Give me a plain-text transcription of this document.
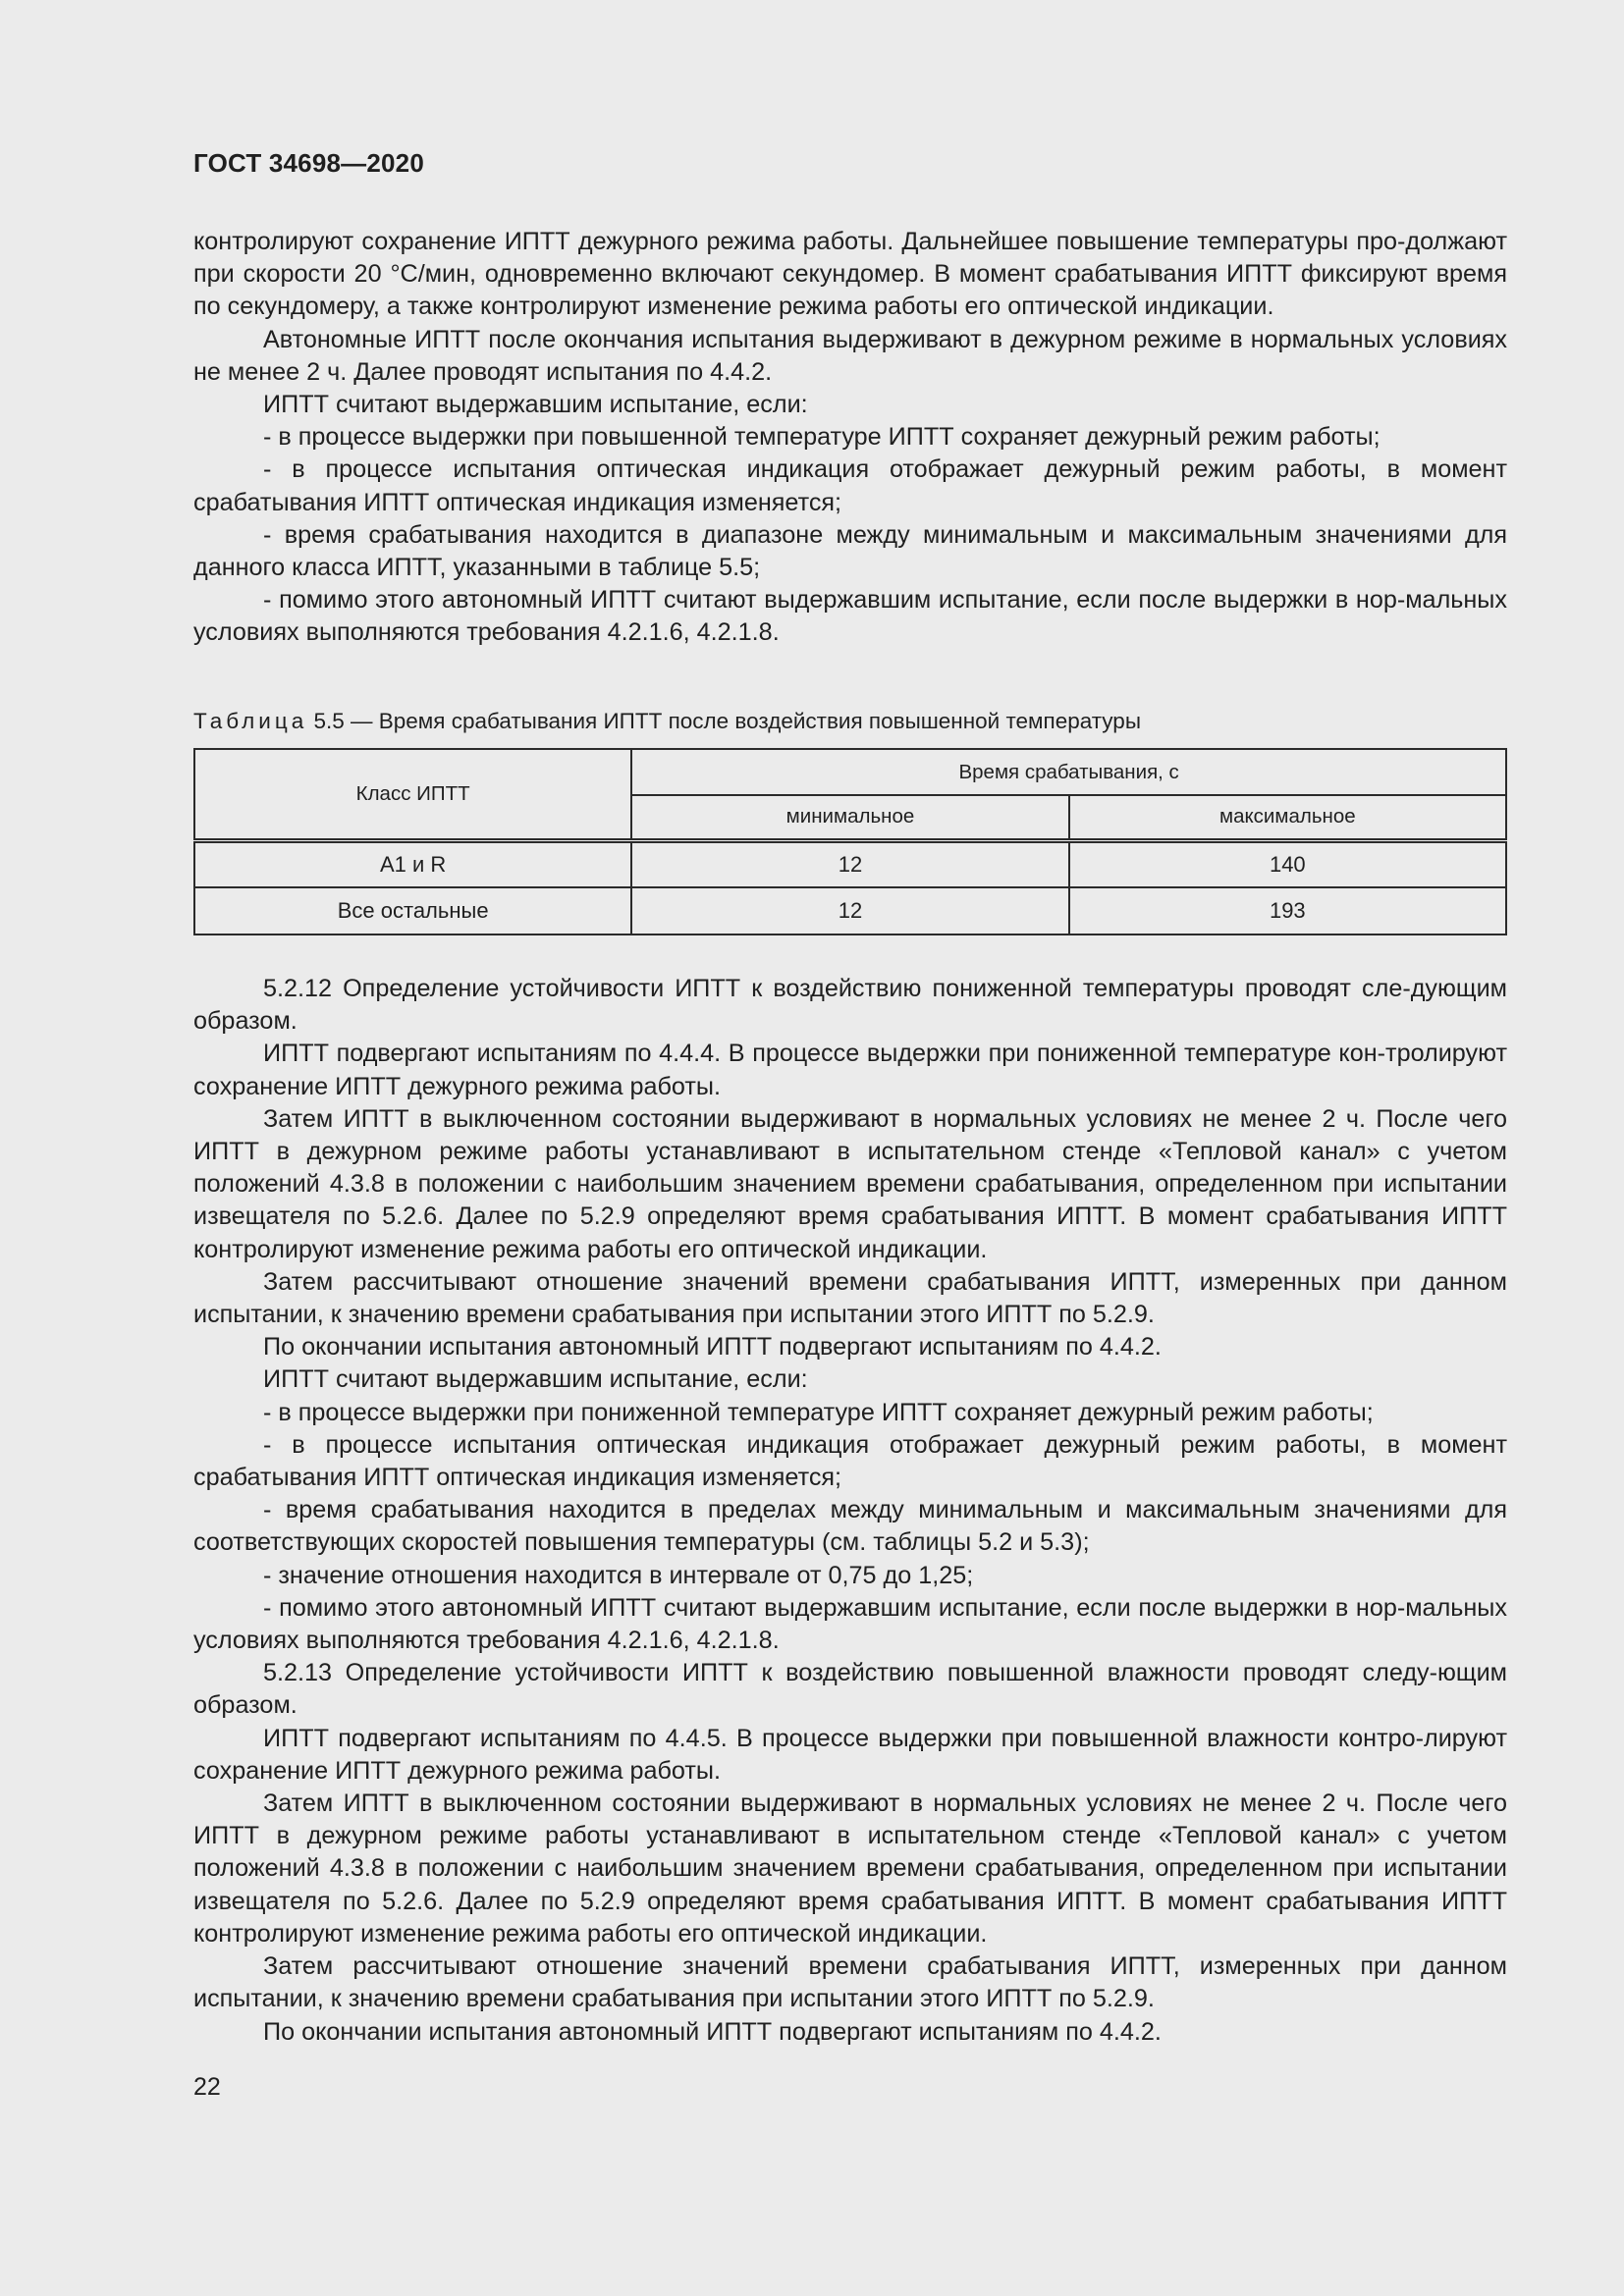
ГОСТ 34698—2020

контролируют сохранение ИПТТ дежурного режима работы. Дальнейшее повышение температуры про-должают при скорости 20 °С/мин, одновременно включают секундомер. В момент срабатывания ИПТТ фиксируют время по секундомеру, а также контролируют изменение режима работы его оптической индикации.

Автономные ИПТТ после окончания испытания выдерживают в дежурном режиме в нормальных условиях не менее 2 ч. Далее проводят испытания по 4.4.2.

ИПТТ считают выдержавшим испытание, если:

- в процессе выдержки при повышенной температуре ИПТТ сохраняет дежурный режим работы;

- в процессе испытания оптическая индикация отображает дежурный режим работы, в момент срабатывания ИПТТ оптическая индикация изменяется;

- время срабатывания находится в диапазоне между минимальным и максимальным значениями для данного класса ИПТТ, указанными в таблице 5.5;

- помимо этого автономный ИПТТ считают выдержавшим испытание, если после выдержки в нор-мальных условиях выполняются требования 4.2.1.6, 4.2.1.8.

Таблица 5.5 — Время срабатывания ИПТТ после воздействия повышенной температуры
Класс ИПТТ	Время срабатывания, с	
	минимальное	максимальное
А1 и R	12	140
Все остальные	12	193

5.2.12 Определение устойчивости ИПТТ к воздействию пониженной температуры проводят сле-дующим образом.

ИПТТ подвергают испытаниям по 4.4.4. В процессе выдержки при пониженной температуре кон-тролируют сохранение ИПТТ дежурного режима работы.

Затем ИПТТ в выключенном состоянии выдерживают в нормальных условиях не менее 2 ч. После чего ИПТТ в дежурном режиме работы устанавливают в испытательном стенде «Тепловой канал» с учетом положений 4.3.8 в положении с наибольшим значением времени срабатывания, определенном при испытании извещателя по 5.2.6. Далее по 5.2.9 определяют время срабатывания ИПТТ. В момент срабатывания ИПТТ контролируют изменение режима работы его оптической индикации.

Затем рассчитывают отношение значений времени срабатывания ИПТТ, измеренных при данном испытании, к значению времени срабатывания при испытании этого ИПТТ по 5.2.9.

По окончании испытания автономный ИПТТ подвергают испытаниям по 4.4.2.

ИПТТ считают выдержавшим испытание, если:

- в процессе выдержки при пониженной температуре ИПТТ сохраняет дежурный режим работы;

- в процессе испытания оптическая индикация отображает дежурный режим работы, в момент срабатывания ИПТТ оптическая индикация изменяется;

- время срабатывания находится в пределах между минимальным и максимальным значениями для соответствующих скоростей повышения температуры (см. таблицы 5.2 и 5.3);

- значение отношения находится в интервале от 0,75 до 1,25;

- помимо этого автономный ИПТТ считают выдержавшим испытание, если после выдержки в нор-мальных условиях выполняются требования 4.2.1.6, 4.2.1.8.

5.2.13 Определение устойчивости ИПТТ к воздействию повышенной влажности проводят следу-ющим образом.

ИПТТ подвергают испытаниям по 4.4.5. В процессе выдержки при повышенной влажности контро-лируют сохранение ИПТТ дежурного режима работы.

Затем ИПТТ в выключенном состоянии выдерживают в нормальных условиях не менее 2 ч. После чего ИПТТ в дежурном режиме работы устанавливают в испытательном стенде «Тепловой канал» с учетом положений 4.3.8 в положении с наибольшим значением времени срабатывания, определенном при испытании извещателя по 5.2.6. Далее по 5.2.9 определяют время срабатывания ИПТТ. В момент срабатывания ИПТТ контролируют изменение режима работы его оптической индикации.

Затем рассчитывают отношение значений времени срабатывания ИПТТ, измеренных при данном испытании, к значению времени срабатывания при испытании этого ИПТТ по 5.2.9.

По окончании испытания автономный ИПТТ подвергают испытаниям по 4.4.2.

22
